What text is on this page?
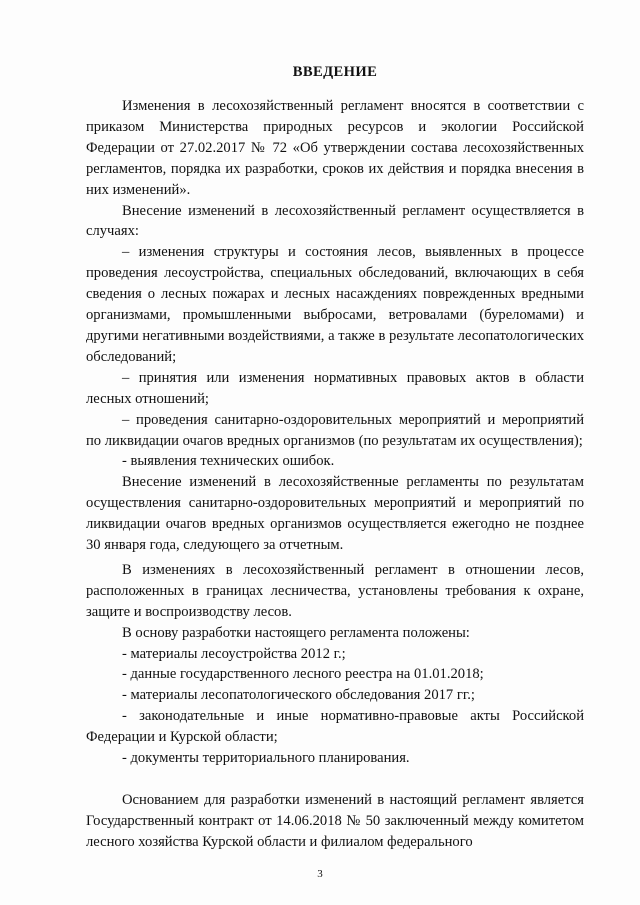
ВВЕДЕНИЕ

Изменения в лесохозяйственный регламент вносятся в соответствии с приказом Министерства природных ресурсов и экологии Российской Федерации от 27.02.2017 № 72 «Об утверждении состава лесохозяйственных регламентов, порядка их разработки, сроков их действия и порядка внесения в них изменений».

Внесение изменений в лесохозяйственный регламент осуществляется в случаях:

– изменения структуры и состояния лесов, выявленных в процессе проведения лесоустройства, специальных обследований, включающих в себя сведения о лесных пожарах и лесных насаждениях поврежденных вредными организмами, промышленными выбросами, ветровалами (буреломами) и другими негативными воздействиями, а также в результате лесопатологических обследований;

– принятия или изменения нормативных правовых актов в области лесных отношений;

– проведения санитарно-оздоровительных мероприятий и мероприятий по ликвидации очагов вредных организмов (по результатам их осуществления);

- выявления технических ошибок.

Внесение изменений в лесохозяйственные регламенты по результатам осуществления санитарно-оздоровительных мероприятий и мероприятий по ликвидации очагов вредных организмов осуществляется ежегодно не позднее 30 января года, следующего за отчетным.

В изменениях в лесохозяйственный регламент в отношении лесов, расположенных в границах лесничества, установлены требования к охране, защите и воспроизводству лесов.

В основу разработки настоящего регламента положены:

- материалы лесоустройства 2012 г.;

- данные государственного лесного реестра на 01.01.2018;

- материалы лесопатологического обследования 2017 гг.;

- законодательные и иные нормативно-правовые акты Российской Федерации и Курской области;

- документы территориального планирования.

Основанием для разработки изменений в настоящий регламент является Государственный контракт от 14.06.2018 № 50 заключенный между комитетом лесного хозяйства Курской области и филиалом федерального

3
